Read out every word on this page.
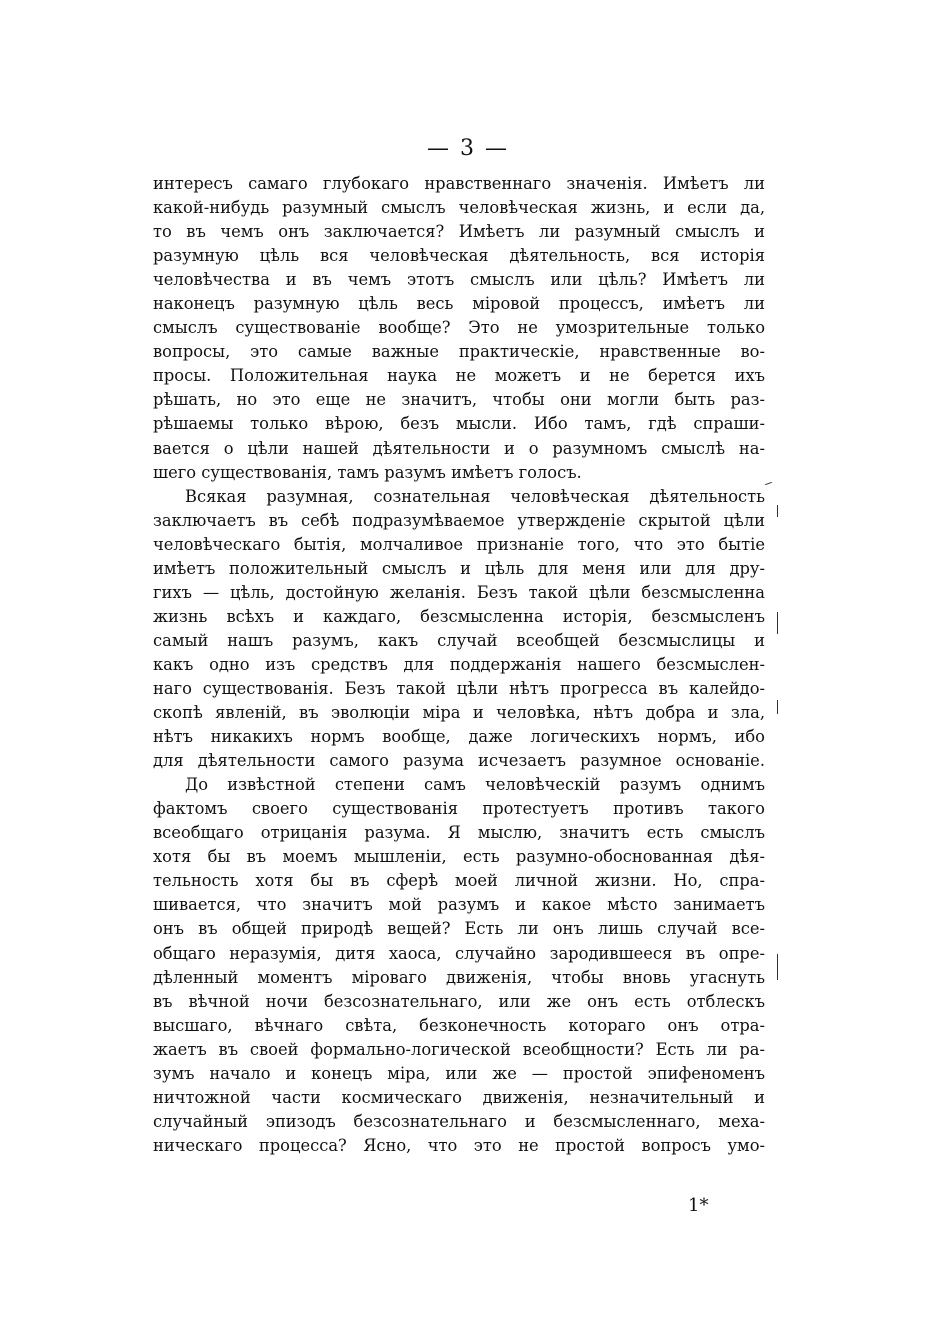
— 3 —
интересъ самаго глубокаго нравственнаго значенія. Имѣетъ ли
какой-нибудь разумный смыслъ человѣческая жизнь, и если да,
то въ чемъ онъ заключается? Имѣетъ ли разумный смыслъ и
разумную цѣль вся человѣческая дѣятельность, вся исторія
человѣчества и въ чемъ этотъ смыслъ или цѣль? Имѣетъ ли
наконецъ разумную цѣль весь міровой процессъ, имѣетъ ли
смыслъ существованіе вообще? Это не умозрительные только
вопросы, это самые важные практическіе, нравственные во-
просы. Положительная наука не можетъ и не берется ихъ
рѣшать, но это еще не значитъ, чтобы они могли быть раз-
рѣшаемы только вѣрою, безъ мысли. Ибо тамъ, гдѣ спраши-
вается о цѣли нашей дѣятельности и о разумномъ смыслѣ на-
шего существованія, тамъ разумъ имѣетъ голосъ.
Всякая разумная, сознательная человѣческая дѣятельность
заключаетъ въ себѣ подразумѣваемое утвержденіе скрытой цѣли
человѣческаго бытія, молчаливое признаніе того, что это бытіе
имѣетъ положительный смыслъ и цѣль для меня или для дру-
гихъ — цѣль, достойную желанія. Безъ такой цѣли безсмысленна
жизнь всѣхъ и каждаго, безсмысленна исторія, безсмысленъ
самый нашъ разумъ, какъ случай всеобщей безсмыслицы и
какъ одно изъ средствъ для поддержанія нашего безсмыслен-
наго существованія. Безъ такой цѣли нѣтъ прогресса въ калейдо-
скопѣ явленій, въ эволюціи міра и человѣка, нѣтъ добра и зла,
нѣтъ никакихъ нормъ вообще, даже логическихъ нормъ, ибо
для дѣятельности самого разума исчезаетъ разумное основаніе.
До извѣстной степени самъ человѣческій разумъ однимъ
фактомъ своего существованія протестуетъ противъ такого
всеобщаго отрицанія разума. Я мыслю, значитъ есть смыслъ
хотя бы въ моемъ мышленіи, есть разумно-обоснованная дѣя-
тельность хотя бы въ сферѣ моей личной жизни. Но, спра-
шивается, что значитъ мой разумъ и какое мѣсто занимаетъ
онъ въ общей природѣ вещей? Есть ли онъ лишь случай все-
общаго неразумія, дитя хаоса, случайно зародившееся въ опре-
дѣленный моментъ міроваго движенія, чтобы вновь угаснуть
въ вѣчной ночи безсознательнаго, или же онъ есть отблескъ
высшаго, вѣчнаго свѣта, безконечность котораго онъ отра-
жаетъ въ своей формально-логической всеобщности? Есть ли ра-
зумъ начало и конецъ міра, или же — простой эпифеноменъ
ничтожной части космическаго движенія, незначительный и
случайный эпизодъ безсознательнаго и безсмысленнаго, меха-
ническаго процесса? Ясно, что это не простой вопросъ умо-
1*
